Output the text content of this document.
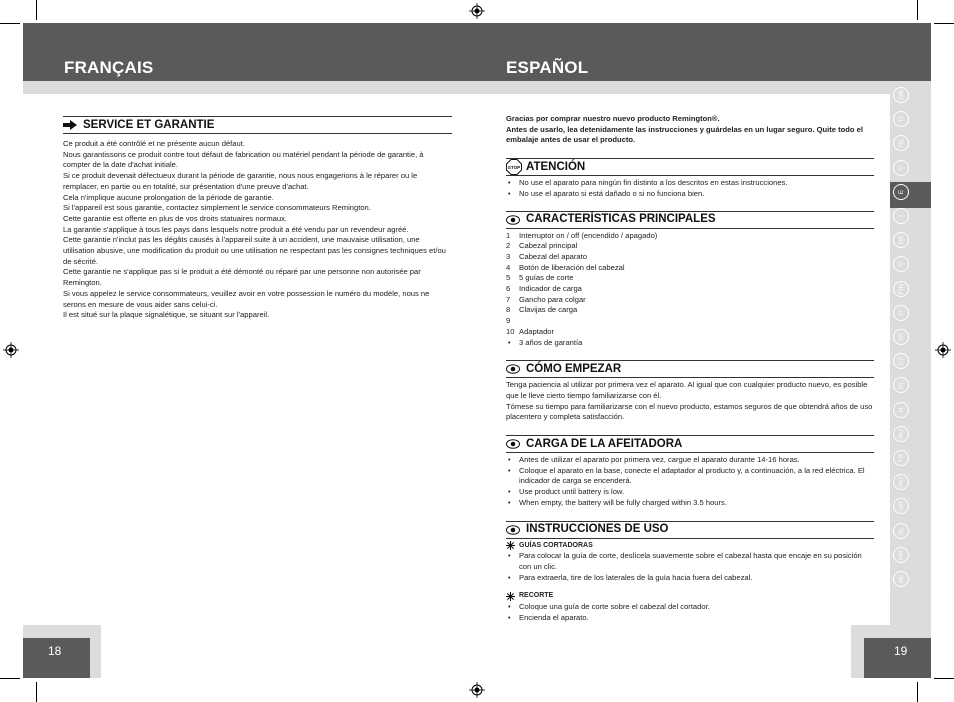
FRANÇAIS	ESPAÑOL
GB
D
NL
F
E
I
DK
S
FIN
P
SK
CZ
PL
H
RU
TR
RO
GR
SL
HR
AE
SERVICE ET GARANTIE

Ce produit a été contrôlé et ne présente aucun défaut.

Nous garantissons ce produit contre tout défaut de fabrication ou matériel pendant la période de garantie, à compter de la date d'achat initiale.

Si ce produit devenait défectueux durant la période de garantie, nous nous engagerions à le réparer ou le remplacer, en partie ou en totalité, sur présentation d'une preuve d'achat.

Cela n'implique aucune prolongation de la période de garantie.

Si l'appareil est sous garantie, contactez simplement le service consommateurs Remington.

Cette garantie est offerte en plus de vos droits statuaires normaux.

La garantie s'applique à tous les pays dans lesquels notre produit a été vendu par un revendeur agréé.

Cette garantie n'inclut pas les dégâts causés à l'appareil suite à un accident, une mauvaise utilisation, une utilisation abusive, une modification du produit ou une utilisation ne respectant pas les consignes techniques et/ou de sécrité.

Cette garantie ne s'applique pas si le produit a été démonté ou réparé par une personne non autorisée par Remington.

Si vous appelez le service consommateurs, veuillez avoir en votre possession le numéro du modèle, nous ne serons en mesure de vous aider sans celui-ci.

Il est situé sur la plaque signalétique, se situant sur l'appareil.

Gracias por comprar nuestro nuevo producto Remington®.

Antes de usarlo, lea detenidamente las instrucciones y guárdelas en un lugar seguro. Quite todo el embalaje antes de usar el producto.

STOP ATENCIÓN
• No use el aparato para ningún fin distinto a los descritos en estas instrucciones.
• No use el aparato si está dañado o si no funciona bien.
CARACTERÍSTICAS PRINCIPALES
1 Interruptor on / off (encendido / apagado)
2 Cabezal principal
3 Cabezal del aparato
4 Botón de liberación del cabezal
5 5 guías de corte
6 Indicador de carga
7 Gancho para colgar
8 Clavijas de carga
9
10 Adaptador
• 3 años de garantía
CÓMO EMPEZAR

Tenga paciencia al utilizar por primera vez el aparato. Al igual que con cualquier producto nuevo, es posible que le lleve cierto tiempo familiarizarse con él.

Tómese su tiempo para familiarizarse con el nuevo producto, estamos seguros de que obtendrá años de uso placentero y completa satisfacción.

CARGA DE LA AFEITADORA
• Antes de utilizar el aparato por primera vez, cargue el aparato durante 14-16 horas.
• Coloque el aparato en la base, conecte el adaptador al producto y, a continuación, a la red eléctrica. El indicador de carga se encenderá.
• Use product until battery is low.
• When empty, the battery will be fully charged within 3.5 hours.
INSTRUCCIONES DE USO
GUÍAS CORTADORAS
• Para colocar la guía de corte, deslícela suavemente sobre el cabezal hasta que encaje en su posición con un clic.
• Para extraerla, tire de los laterales de la guía hacia fuera del cabezal.
RECORTE
• Coloque una guía de corte sobre el cabezal del cortador.
• Encienda el aparato.
18	19
